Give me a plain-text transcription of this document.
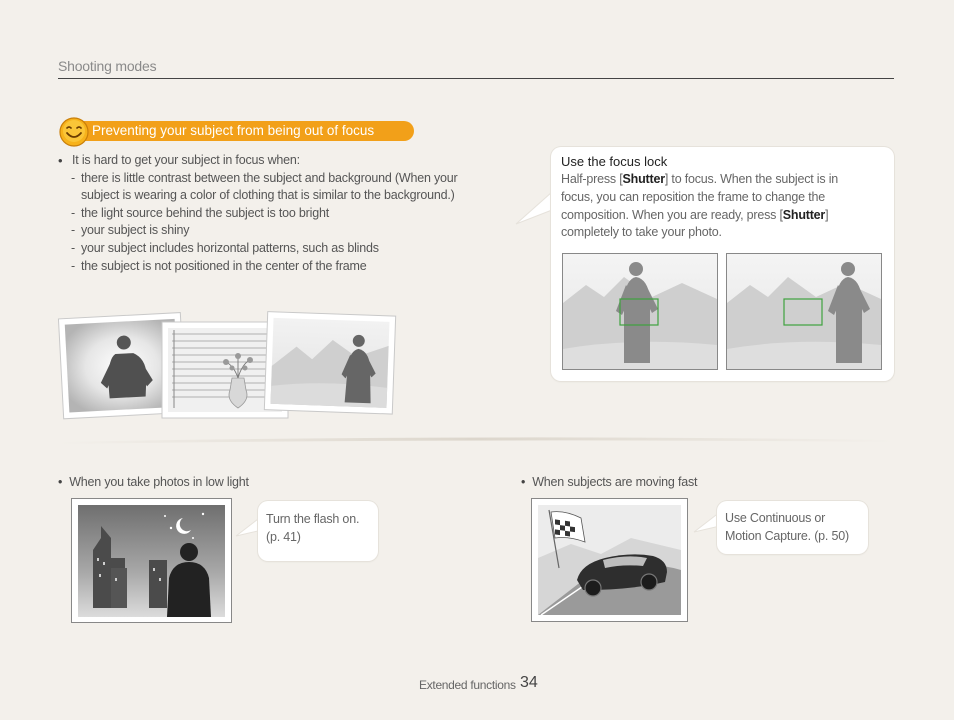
Shooting modes
Preventing your subject from being out of focus
• It is hard to get your subject in focus when:
- there is little contrast between the subject and background (When your subject is wearing a color of clothing that is similar to the background.)
- the light source behind the subject is too bright
- your subject is shiny
- your subject includes horizontal patterns, such as blinds
- the subject is not positioned in the center of the frame
Use the focus lock
Half-press [Shutter] to focus. When the subject is in focus, you can reposition the frame to change the composition. When you are ready, press [Shutter] completely to take your photo.
• When you take photos in low light
Turn the flash on.
(p. 41)
• When subjects are moving fast
Use Continuous or
Motion Capture. (p. 50)
Extended functions 34
